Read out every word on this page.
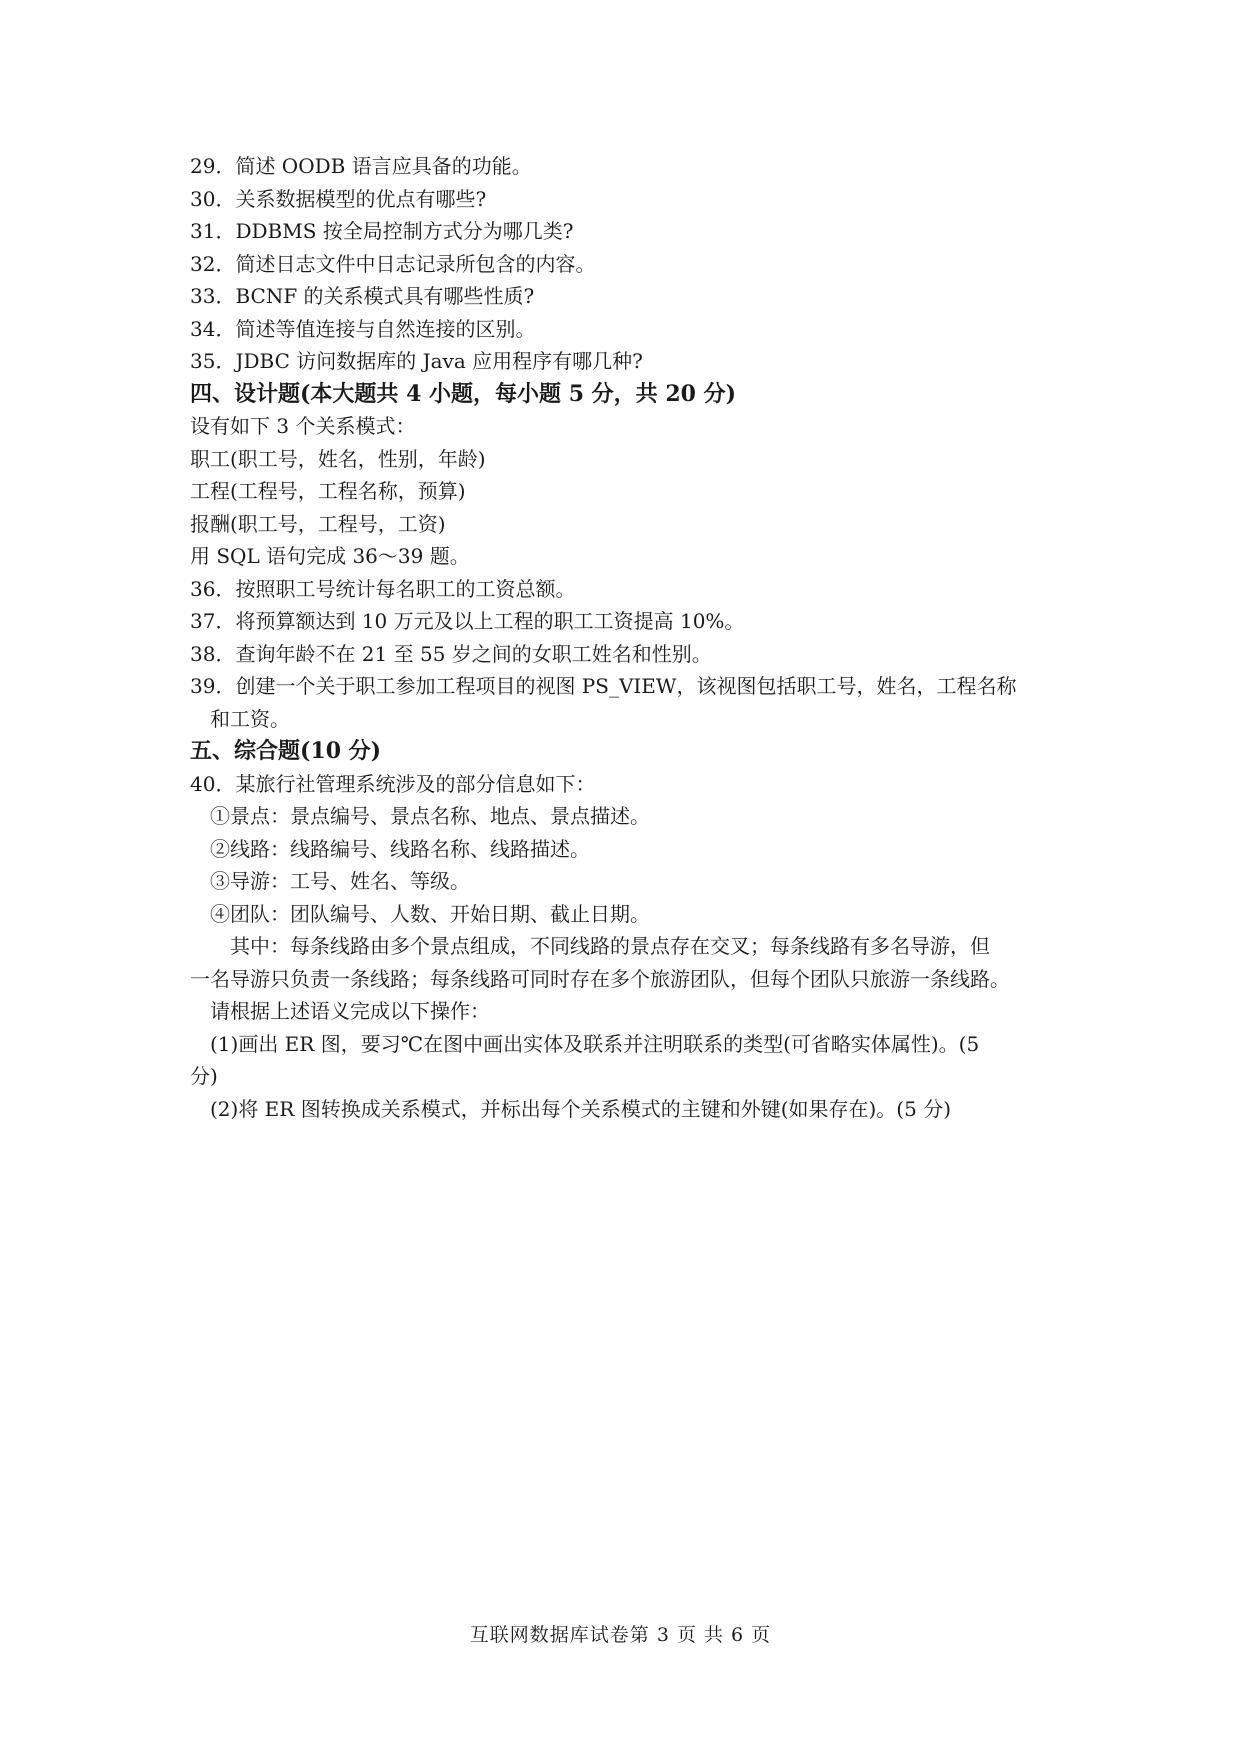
29．简述 OODB 语言应具备的功能。
30．关系数据模型的优点有哪些?
31．DDBMS 按全局控制方式分为哪几类?
32．简述日志文件中日志记录所包含的内容。
33．BCNF 的关系模式具有哪些性质?
34．简述等值连接与自然连接的区别。
35．JDBC 访问数据库的 Java 应用程序有哪几种?
四、设计题(本大题共 4 小题，每小题 5 分，共 20 分)
设有如下 3 个关系模式：
职工(职工号，姓名，性别，年龄)
工程(工程号，工程名称，预算)
报酬(职工号，工程号，工资)
用 SQL 语句完成 36～39 题。
36．按照职工号统计每名职工的工资总额。
37．将预算额达到 10 万元及以上工程的职工工资提高 10%。
38．查询年龄不在 21 至 55 岁之间的女职工姓名和性别。
39．创建一个关于职工参加工程项目的视图 PS_VIEW，该视图包括职工号，姓名，工程名称
和工资。
五、综合题(10 分)
40．某旅行社管理系统涉及的部分信息如下：
①景点：景点编号、景点名称、地点、景点描述。
②线路：线路编号、线路名称、线路描述。
③导游：工号、姓名、等级。
④团队：团队编号、人数、开始日期、截止日期。
其中：每条线路由多个景点组成，不同线路的景点存在交叉；每条线路有多名导游，但
一名导游只负责一条线路；每条线路可同时存在多个旅游团队，但每个团队只旅游一条线路。
请根据上述语义完成以下操作：
(1)画出 ER 图，要习℃在图中画出实体及联系并注明联系的类型(可省略实体属性)。(5
分)
(2)将 ER 图转换成关系模式，并标出每个关系模式的主键和外键(如果存在)。(5 分)
互联网数据库试卷第 3 页 共 6 页
